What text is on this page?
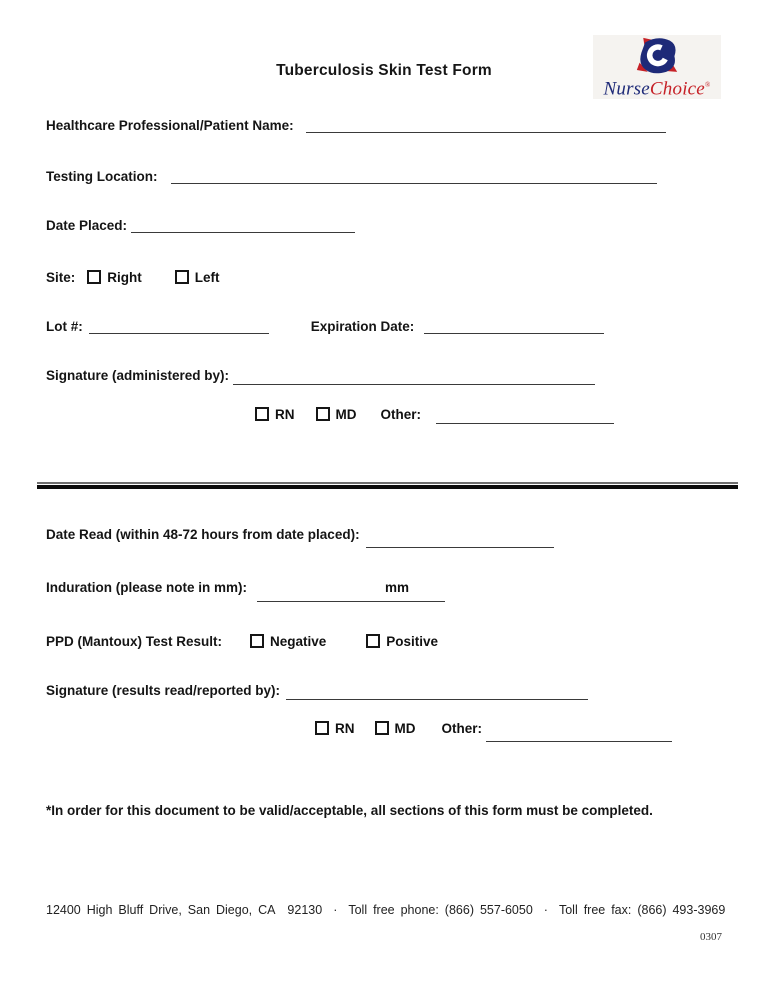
Tuberculosis Skin Test Form
NurseChoice®
Healthcare Professional/Patient Name:
Testing Location:
Date Placed:
Site: Right	Left
Lot #:	Expiration Date:
Signature (administered by):
RN	MD Other:
Date Read (within 48-72 hours from date placed):
Induration (please note in mm):	mm
PPD (Mantoux) Test Result:	Negative	Positive
Signature (results read/reported by):
RN	MD Other:
*In order for this document to be valid/acceptable, all sections of this form must be completed.
12400 High Bluff Drive, San Diego, CA  92130 · Toll free phone: (866) 557-6050 · Toll free fax: (866) 493-3969
0307
